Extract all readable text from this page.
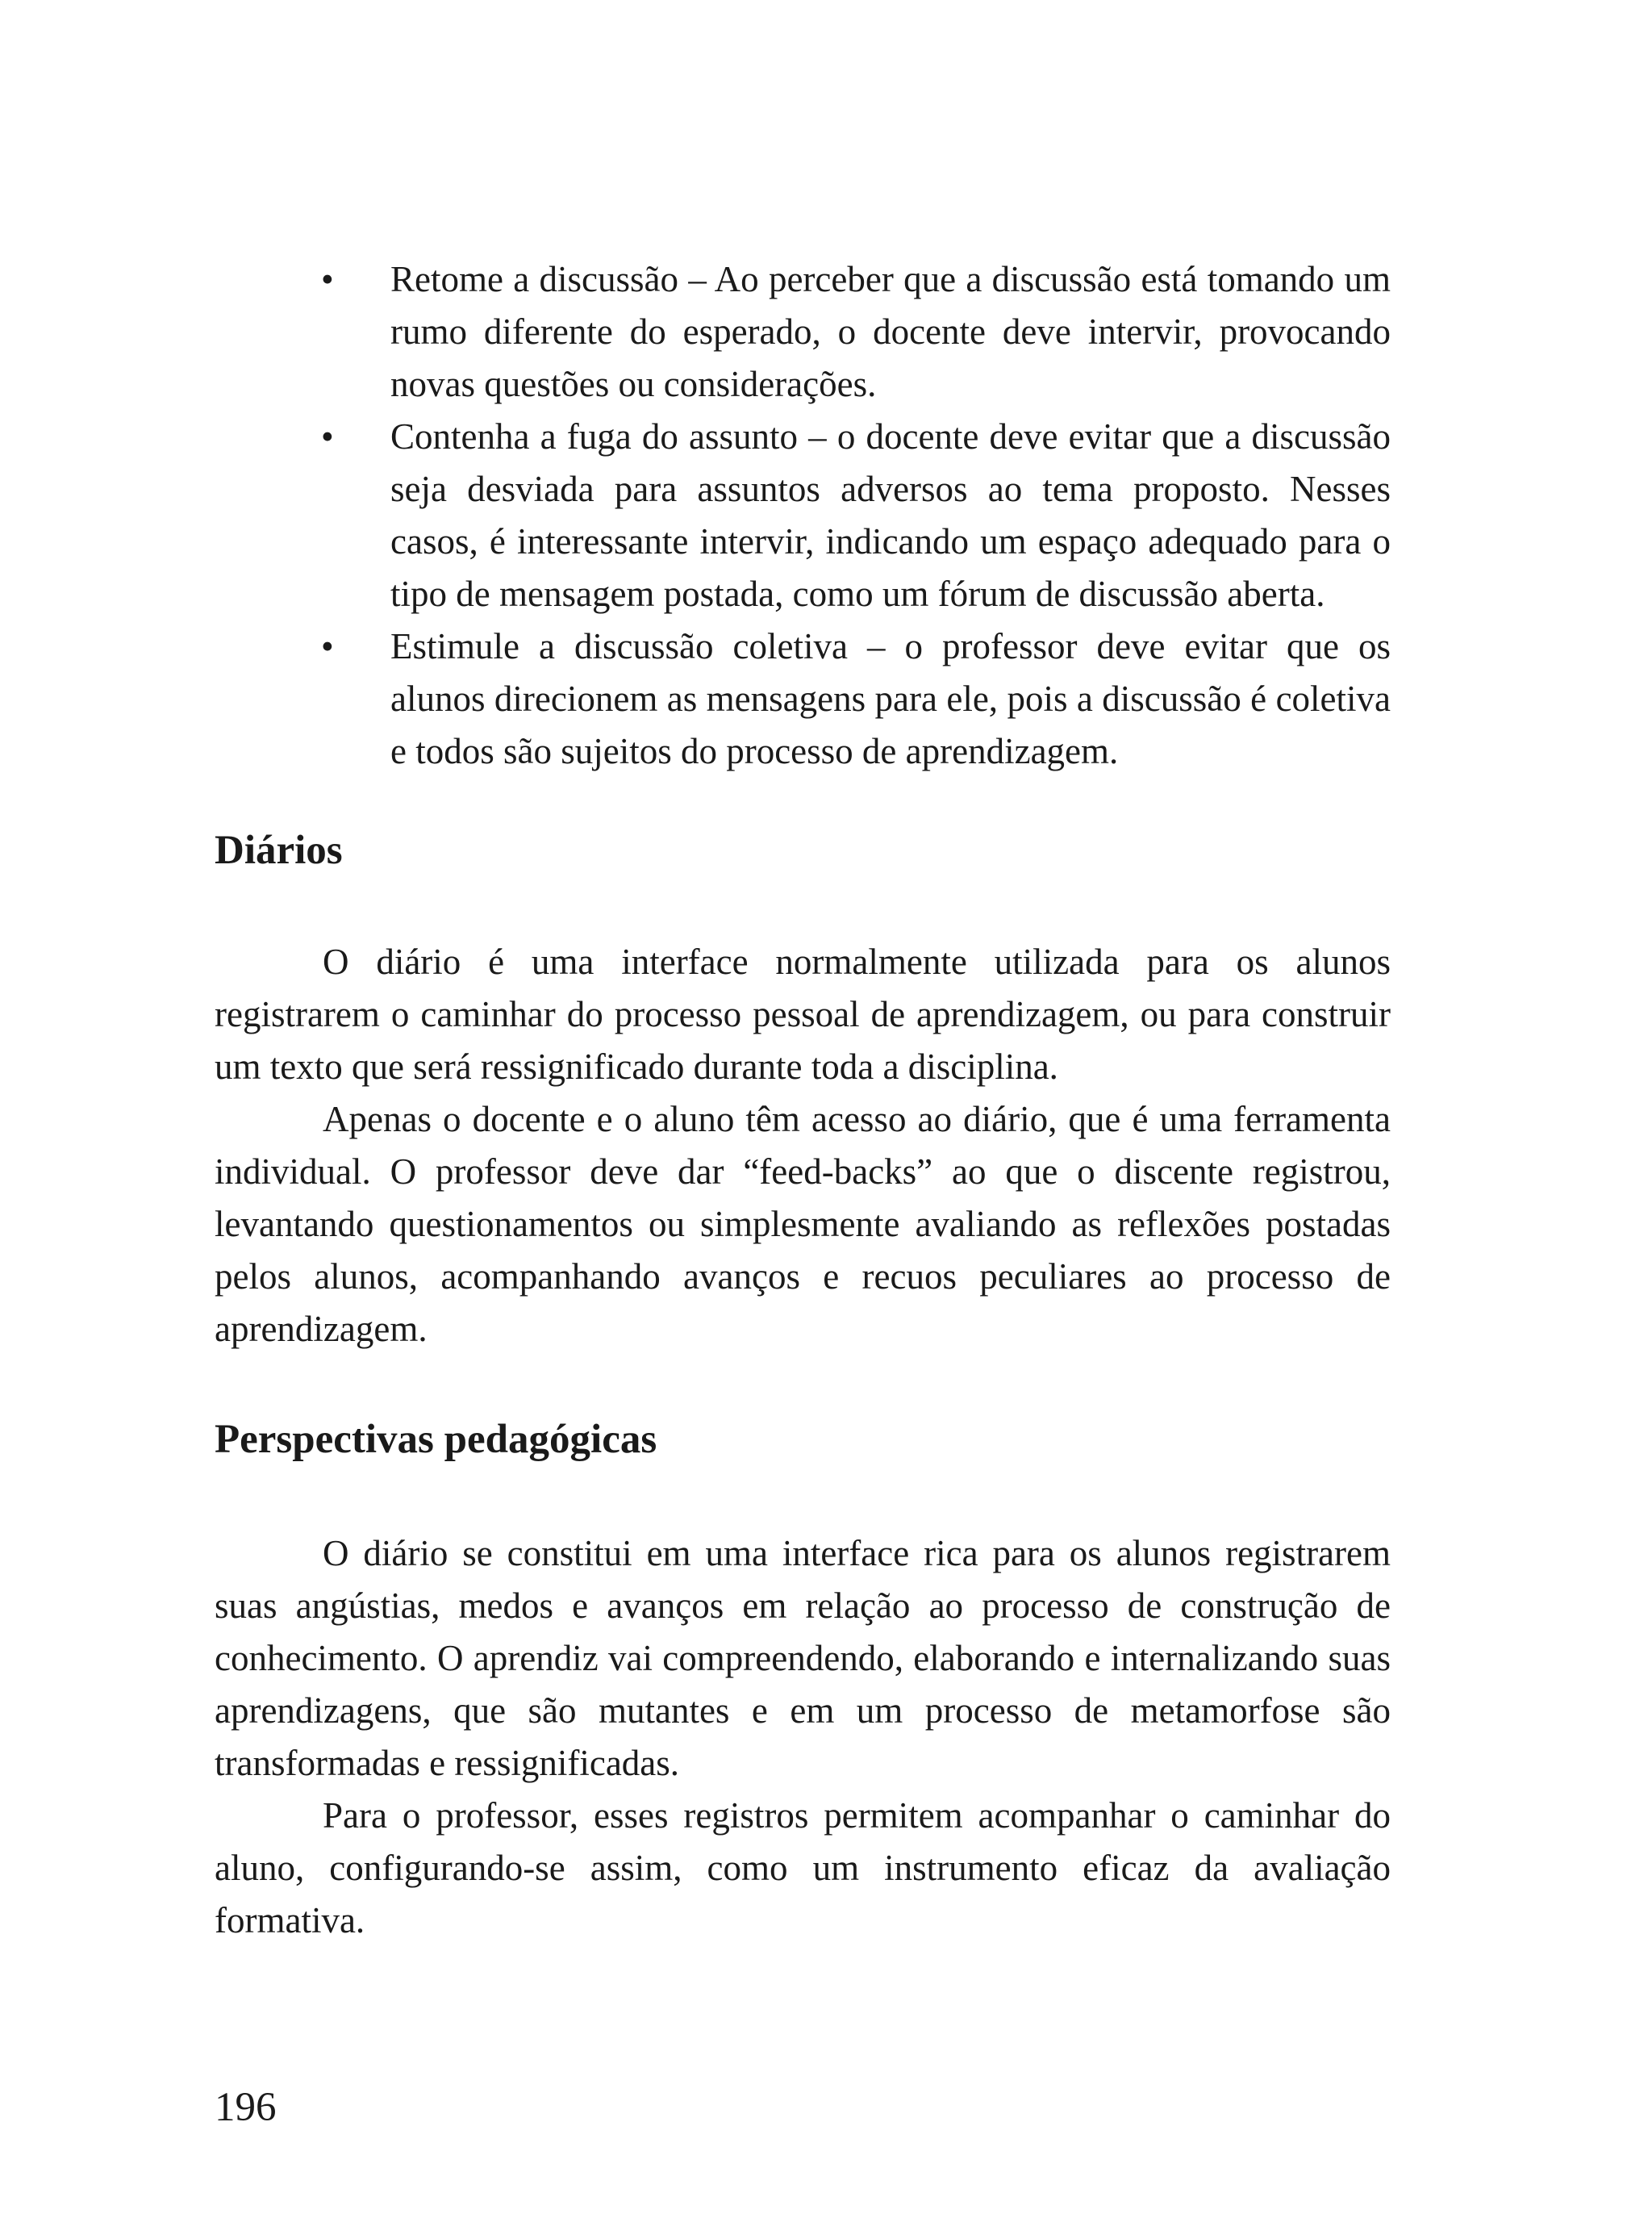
• Retome a discussão – Ao perceber que a discussão está tomando um rumo diferente do esperado, o docente deve intervir, provocando novas questões ou considerações.
• Contenha a fuga do assunto – o docente deve evitar que a discussão seja desviada para assuntos adversos ao tema proposto. Nesses casos, é interessante intervir, indicando um espaço adequado para o tipo de mensagem postada, como um fórum de discussão aberta.
• Estimule a discussão coletiva – o professor deve evitar que os alunos direcionem as mensagens para ele, pois a discussão é coletiva e todos são sujeitos do processo de aprendizagem.
Diários

O diário é uma interface normalmente utilizada para os alunos registrarem o caminhar do processo pessoal de aprendizagem, ou para construir um texto que será ressignificado durante toda a disciplina.

Apenas o docente e o aluno têm acesso ao diário, que é uma ferramenta individual. O professor deve dar “feed-backs” ao que o discente registrou, levantando questionamentos ou simplesmente avaliando as reflexões postadas pelos alunos, acompanhando avanços e recuos peculiares ao processo de aprendizagem.

Perspectivas pedagógicas

O diário se constitui em uma interface rica para os alunos registrarem suas angústias, medos e avanços em relação ao processo de construção de conhecimento. O aprendiz vai compreendendo, elaborando e internalizando suas aprendizagens, que são mutantes e em um processo de metamorfose são transformadas e ressignificadas.

Para o professor, esses registros permitem acompanhar o caminhar do aluno, configurando-se assim, como um instrumento eficaz da avaliação formativa.

196
